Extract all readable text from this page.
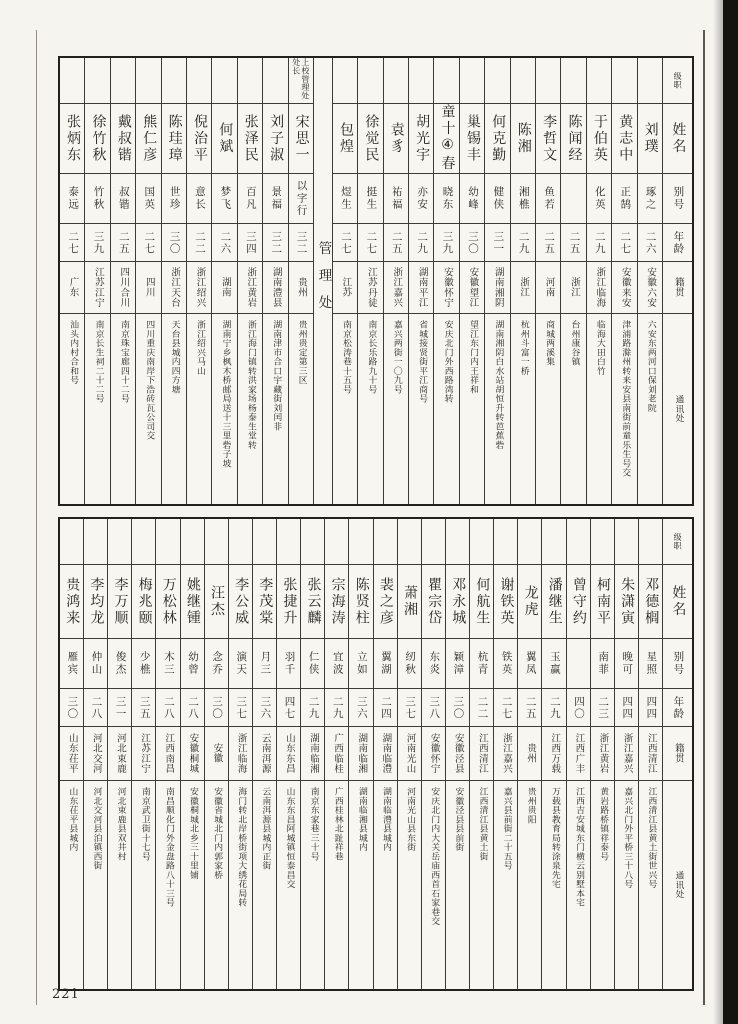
级职
姓名
别号
年龄
籍贯
通讯处
刘璞
琢之
二六
安徽六安
六安东两河口保刘老院
黄志中
正鹄
二七
安徽来安
津浦路滁州转来安县南街前童乐生号交
于伯英
化英
二九
浙江临海
临海大田白竹
陈闻经
二五
浙江
台州康谷镇
李哲文
鱼若
二五
河南
商城两溪集
陈湘
湘樵
二九
浙江
杭州斗富一桥
何克勤
健侠
三一
湖南湘阴
湖南湘阴白水站胡恒升转芭蕉砦
巢锡丰
幼峰
三〇
安徽望江
望江东门内王祥和
童十④春
晓东
三九
安徽怀宁
安庆北门外西路湾转
胡光宇
亦安
二九
湖南平江
省城接贤街平江商号
袁豸
祐福
二五
浙江嘉兴
嘉兴两街一〇九号
徐觉民
挺生
二七
江苏丹徒
南京长乐路九十号
包煌
煜生
二七
江苏
南京松涛巷十五号
管理处
上校管理处处长
宋思一
以字行
三二
贵州
贵州贵定第三区
刘子淑
景福
三二
湖南澧县
湖南津市合口宇藏街刘闰非
张泽民
百凡
三四
浙江黄岩
浙江海门镇转洪家场杨泰生堂转
何斌
梦飞
二六
湖南
湖南宁乡枫木桥邮局送十三里砦子坡
倪治平
意长
二二
浙江绍兴
浙江绍兴马山
陈珪璋
世珍
三〇
浙江天台
天台县城内四方塘
熊仁彦
国英
二七
四川
四川重庆南岸下浩砖瓦公司交
戴叔锴
叔锴
二五
四川合川
南京珠宝廊四十二号
徐竹秋
竹秋
三九
江苏江宁
南京长生祠二十二号
张炳东
泰远
二七
广东
汕头内村合和号
级职
姓名
别号
年龄
籍贯
通讯处
邓德榈
星照
四四
江西清江
江西清江县黄土街世兴号
朱潇寅
晚可
四四
浙江嘉兴
嘉兴北门外平桥三十八号
柯南平
南菲
二三
浙江黄岩
黄岩路桥镇祥泰号
曾守约
四〇
江西广丰
江西吉安城东门横云别墅本宅
潘继生
玉赢
二九
江西万载
万载县教育局转涂泉先宅
龙虎
翼凤
二五
贵州
贵州贵阳
谢铁英
铁英
二七
浙江嘉兴
嘉兴县前街二十五号
何航生
杭青
二二
江西清江
江西清江县黄土街
邓永城
颖漳
三〇
安徽泾县
安徽泾县县前街
瞿宗岱
东炎
三八
安徽怀宁
安庆北门内大关岳庙西首石家巷交
萧湘
纫秋
三七
河南光山
河南光山县东街
裴之彦
翼湖
二四
湖南临澧
湖南临澧县城内
陈贤柱
立如
三六
湖南临湘
湖南临湘县城内
宗海涛
宜波
二九
广西临桂
广西桂林北趾祥巷
张云麟
仁侠
二九
湖南临湘
南京东家巷三十号
张捷升
羽千
四七
山东东昌
山东东昌阿城镇恒泰昌交
李茂棠
月三
三六
云南洱源
云南洱源县城内正街
李公威
演天
三七
浙江临海
海门转北岸桥街项大绣花局转
汪杰
念乔
三〇
安徽
安徽省城北门内郭家桥
姚继锺
幼曾
二八
安徽桐城
安徽桐城北乡三十里铺
万松林
木三
二八
江西南昌
南昌顺化门外金盘路八十三号
梅兆颐
少樵
三五
江苏江宁
南京武卫街十七号
李万顺
俊杰
三一
河北束鹿
河北束鹿县双井村
李均龙
仲山
二八
河北交河
河北交河县泊镇西街
贵鸿来
雁宾
三〇
山东茌平
山东茌平县城内
221
